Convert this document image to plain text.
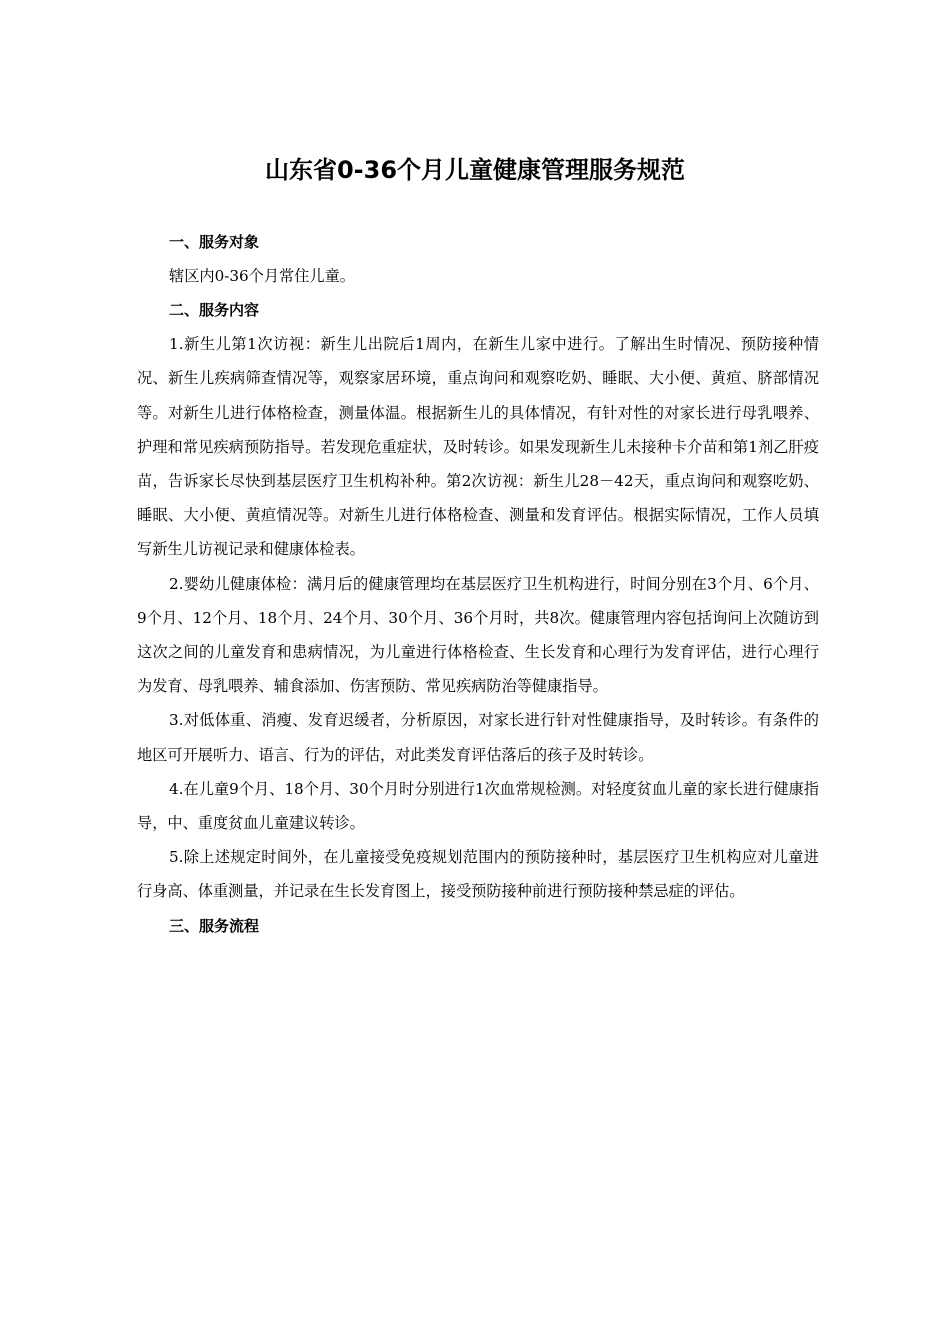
山东省0-36个月儿童健康管理服务规范

一、服务对象

辖区内0-36个月常住儿童。

二、服务内容

1.新生儿第1次访视：新生儿出院后1周内，在新生儿家中进行。了解出生时情况、预防接种情况、新生儿疾病筛查情况等，观察家居环境，重点询问和观察吃奶、睡眠、大小便、黄疸、脐部情况等。对新生儿进行体格检查，测量体温。根据新生儿的具体情况，有针对性的对家长进行母乳喂养、护理和常见疾病预防指导。若发现危重症状，及时转诊。如果发现新生儿未接种卡介苗和第1剂乙肝疫苗，告诉家长尽快到基层医疗卫生机构补种。第2次访视：新生儿28－42天，重点询问和观察吃奶、睡眠、大小便、黄疸情况等。对新生儿进行体格检查、测量和发育评估。根据实际情况，工作人员填写新生儿访视记录和健康体检表。

2.婴幼儿健康体检：满月后的健康管理均在基层医疗卫生机构进行，时间分别在3个月、6个月、9个月、12个月、18个月、24个月、30个月、36个月时，共8次。健康管理内容包括询问上次随访到这次之间的儿童发育和患病情况，为儿童进行体格检查、生长发育和心理行为发育评估，进行心理行为发育、母乳喂养、辅食添加、伤害预防、常见疾病防治等健康指导。

3.对低体重、消瘦、发育迟缓者，分析原因，对家长进行针对性健康指导，及时转诊。有条件的地区可开展听力、语言、行为的评估，对此类发育评估落后的孩子及时转诊。

4.在儿童9个月、18个月、30个月时分别进行1次血常规检测。对轻度贫血儿童的家长进行健康指导，中、重度贫血儿童建议转诊。

5.除上述规定时间外，在儿童接受免疫规划范围内的预防接种时，基层医疗卫生机构应对儿童进行身高、体重测量，并记录在生长发育图上，接受预防接种前进行预防接种禁忌症的评估。

三、服务流程
